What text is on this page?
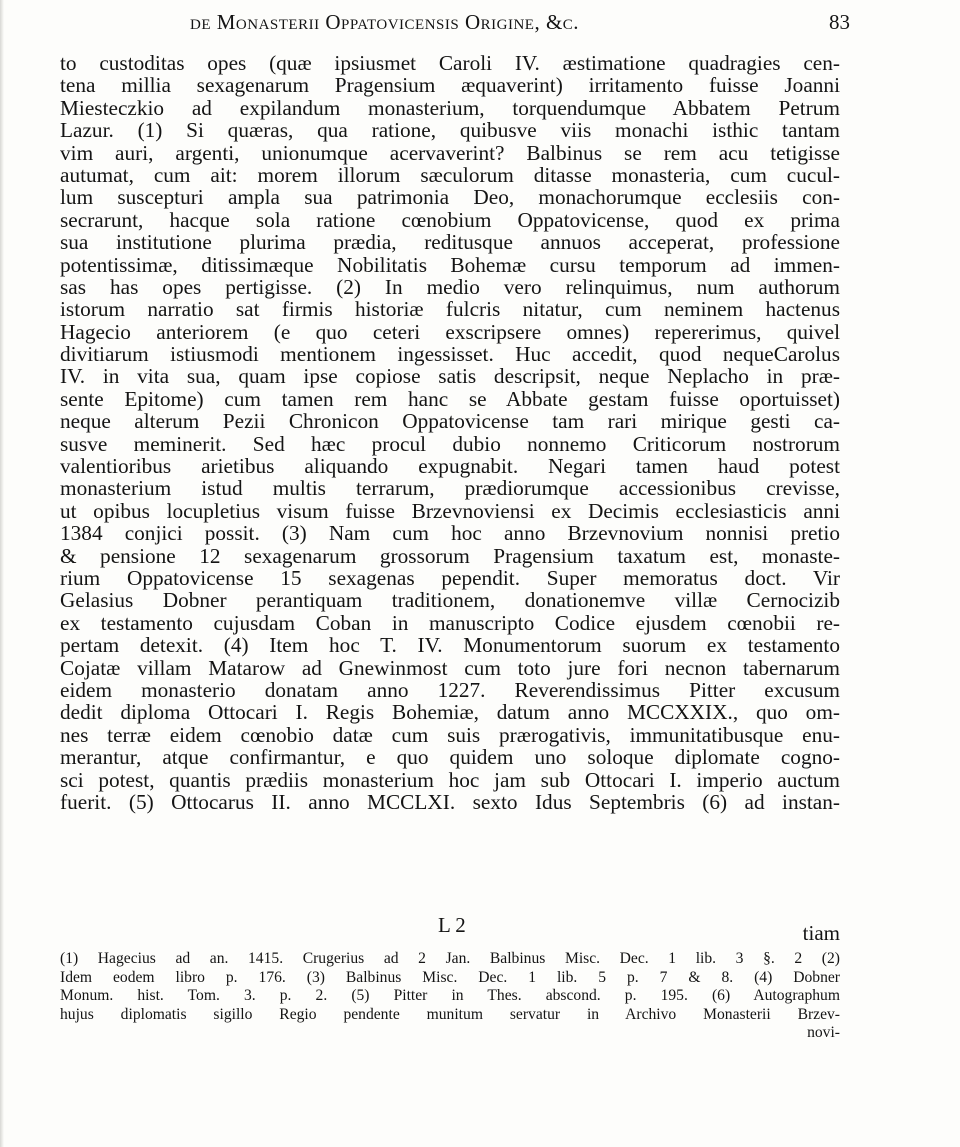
de Monasterii Oppatovicensis Origine, &c.	83
to custoditas opes (quæ ipsiusmet Caroli IV. æstimatione quadragies cen-
tena millia sexagenarum Pragensium æquaverint) irritamento fuisse Joanni
Miesteczkio ad expilandum monasterium, torquendumque Abbatem Petrum
Lazur. (1) Si quæras, qua ratione, quibusve viis monachi isthic tantam
vim auri, argenti, unionumque acervaverint? Balbinus se rem acu tetigisse
autumat, cum ait: morem illorum sæculorum ditasse monasteria, cum cucul-
lum suscepturi ampla sua patrimonia Deo, monachorumque ecclesiis con-
secrarunt, hacque sola ratione cœnobium Oppatovicense, quod ex prima
sua institutione plurima prædia, reditusque annuos acceperat, professione
potentissimæ, ditissimæque Nobilitatis Bohemæ cursu temporum ad immen-
sas has opes pertigisse. (2) In medio vero relinquimus, num authorum
istorum narratio sat firmis historiæ fulcris nitatur, cum neminem hactenus
Hagecio anteriorem (e quo ceteri exscripsere omnes) repererimus, quivel
divitiarum istiusmodi mentionem ingessisset. Huc accedit, quod nequeCarolus
IV. in vita sua, quam ipse copiose satis descripsit, neque Neplacho in præ-
sente Epitome) cum tamen rem hanc se Abbate gestam fuisse oportuisset)
neque alterum Pezii Chronicon Oppatovicense tam rari mirique gesti ca-
susve meminerit. Sed hæc procul dubio nonnemo Criticorum nostrorum
valentioribus arietibus aliquando expugnabit. Negari tamen haud potest
monasterium istud multis terrarum, prædiorumque accessionibus crevisse,
ut opibus locupletius visum fuisse Brzevnoviensi ex Decimis ecclesiasticis anni
1384 conjici possit. (3) Nam cum hoc anno Brzevnovium nonnisi pretio
& pensione 12 sexagenarum grossorum Pragensium taxatum est, monaste-
rium Oppatovicense 15 sexagenas pependit. Super memoratus doct. Vir
Gelasius Dobner perantiquam traditionem, donationemve villæ Cernocizib
ex testamento cujusdam Coban in manuscripto Codice ejusdem cœnobii re-
pertam detexit. (4) Item hoc T. IV. Monumentorum suorum ex testamento
Cojatæ villam Matarow ad Gnewinmost cum toto jure fori necnon tabernarum
eidem monasterio donatam anno 1227. Reverendissimus Pitter excusum
dedit diploma Ottocari I. Regis Bohemiæ, datum anno MCCXXIX., quo om-
nes terræ eidem cœnobio datæ cum suis prærogativis, immunitatibusque enu-
merantur, atque confirmantur, e quo quidem uno soloque diplomate cogno-
sci potest, quantis prædiis monasterium hoc jam sub Ottocari I. imperio auctum
fuerit. (5) Ottocarus II. anno MCCLXI. sexto Idus Septembris (6) ad instan-
L 2	tiam
(1) Hagecius ad an. 1415. Crugerius ad 2 Jan. Balbinus Misc. Dec. 1 lib. 3 §. 2 (2)
Idem eodem libro p. 176. (3) Balbinus Misc. Dec. 1 lib. 5 p. 7 & 8. (4) Dobner
Monum. hist. Tom. 3. p. 2. (5) Pitter in Thes. abscond. p. 195. (6) Autographum
hujus diplomatis sigillo Regio pendente munitum servatur in Archivo Monasterii Brzev-
novi-
